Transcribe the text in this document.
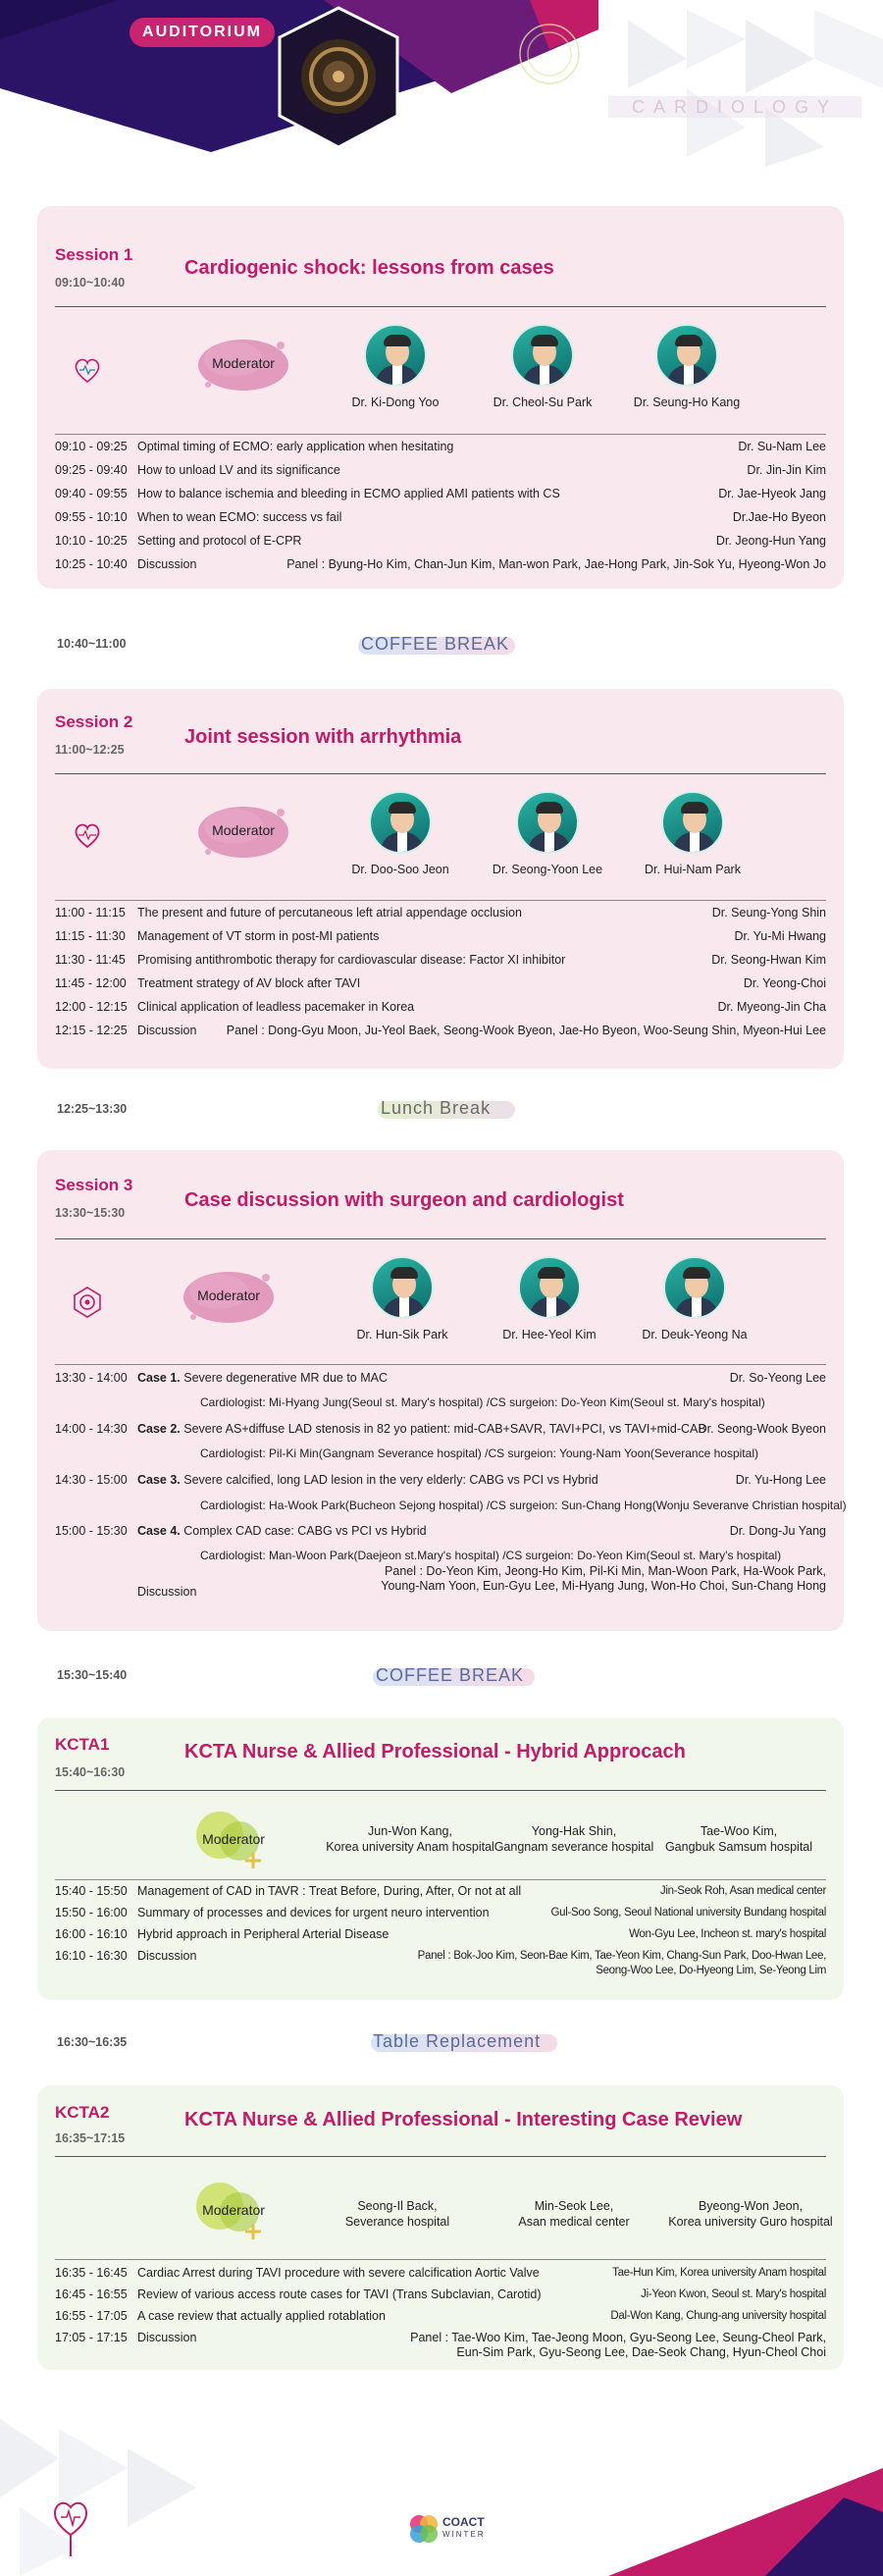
AUDITORIUM
CARDIOLOGY
Session 1
09:10~10:40
Cardiogenic shock: lessons from cases
Moderator
Dr. Ki-Dong Yoo	Dr. Cheol-Su Park	Dr. Seung-Ho Kang
09:10 - 09:25 Optimal timing of ECMO: early application when hesitating	Dr. Su-Nam Lee
09:25 - 09:40 How to unload LV and its significance	Dr. Jin-Jin Kim
09:40 - 09:55 How to balance ischemia and bleeding in ECMO applied AMI patients with CS	Dr. Jae-Hyeok Jang
09:55 - 10:10 When to wean ECMO: success vs fail	Dr.Jae-Ho Byeon
10:10 - 10:25 Setting and protocol of E-CPR	Dr. Jeong-Hun Yang
10:25 - 10:40 Discussion	Panel : Byung-Ho Kim, Chan-Jun Kim, Man-won Park, Jae-Hong Park, Jin-Sok Yu, Hyeong-Won Jo
10:40~11:00	COFFEE BREAK
Session 2
11:00~12:25
Joint session with arrhythmia
Moderator
Dr. Doo-Soo Jeon	Dr. Seong-Yoon Lee	Dr. Hui-Nam Park
11:00 - 11:15 The present and future of percutaneous left atrial appendage occlusion	Dr. Seung-Yong Shin
11:15 - 11:30 Management of VT storm in post-MI patients	Dr. Yu-Mi Hwang
11:30 - 11:45 Promising antithrombotic therapy for cardiovascular disease: Factor XI inhibitor	Dr. Seong-Hwan Kim
11:45 - 12:00 Treatment strategy of AV block after TAVI	Dr. Yeong-Choi
12:00 - 12:15 Clinical application of leadless pacemaker in Korea	Dr. Myeong-Jin Cha
12:15 - 12:25 Discussion Panel : Dong-Gyu Moon, Ju-Yeol Baek, Seong-Wook Byeon, Jae-Ho Byeon, Woo-Seung Shin, Myeon-Hui Lee
12:25~13:30	Lunch Break
Session 3
13:30~15:30
Case discussion with surgeon and cardiologist
Moderator
Dr. Hun-Sik Park	Dr. Hee-Yeol Kim	Dr. Deuk-Yeong Na
13:30 - 14:00 Case 1. Severe degenerative MR due to MAC	Dr. So-Yeong Lee
Cardiologist: Mi-Hyang Jung(Seoul st. Mary's hospital) /CS surgeion: Do-Yeon Kim(Seoul st. Mary's hospital)
14:00 - 14:30 Case 2. Severe AS+diffuse LAD stenosis in 82 yo patient: mid-CAB+SAVR, TAVI+PCI, vs TAVI+mid-CAB
Dr. Seong-Wook Byeon
Cardiologist: Pil-Ki Min(Gangnam Severance hospital) /CS surgeion: Young-Nam Yoon(Severance hospital)
14:30 - 15:00 Case 3. Severe calcified, long LAD lesion in the very elderly: CABG vs PCI vs Hybrid	Dr. Yu-Hong Lee
Cardiologist: Ha-Wook Park(Bucheon Sejong hospital) /CS surgeion: Sun-Chang Hong(Wonju Severanve Christian hospital)
15:00 - 15:30 Case 4. Complex CAD case: CABG vs PCI vs Hybrid	Dr. Dong-Ju Yang
Cardiologist: Man-Woon Park(Daejeon st.Mary's hospital) /CS surgeion: Do-Yeon Kim(Seoul st. Mary's hospital)
Discussion
Panel : Do-Yeon Kim, Jeong-Ho Kim, Pil-Ki Min, Man-Woon Park, Ha-Wook Park,
Young-Nam Yoon, Eun-Gyu Lee, Mi-Hyang Jung, Won-Ho Choi, Sun-Chang Hong
15:30~15:40	COFFEE BREAK
KCTA1
15:40~16:30
KCTA Nurse & Allied Professional - Hybrid Approcach
Moderator	Jun-Won Kang,
Korea university Anam hospital
Yong-Hak Shin,
Gangnam severance hospital
Tae-Woo Kim,
Gangbuk Samsum hospital
15:40 - 15:50 Management of CAD in TAVR : Treat Before, During, After, Or not at all	Jin-Seok Roh, Asan medical center
15:50 - 16:00 Summary of processes and devices for urgent neuro intervention	Gul-Soo Song, Seoul National university Bundang hospital
16:00 - 16:10 Hybrid approach in Peripheral Arterial Disease	Won-Gyu Lee, Incheon st. mary's hospital
16:10 - 16:30 Discussion	Panel : Bok-Joo Kim, Seon-Bae Kim, Tae-Yeon Kim, Chang-Sun Park, Doo-Hwan Lee,
Seong-Woo Lee, Do-Hyeong Lim, Se-Yeong Lim
16:30~16:35	Table Replacement
KCTA2
16:35~17:15
KCTA Nurse & Allied Professional - Interesting Case Review
Moderator	Seong-Il Back,
Severance hospital
Min-Seok Lee,
Asan medical center
Byeong-Won Jeon,
Korea university Guro hospital
16:35 - 16:45 Cardiac Arrest during TAVI procedure with severe calcification Aortic Valve	Tae-Hun Kim, Korea university Anam hospital
16:45 - 16:55 Review of various access route cases for TAVI (Trans Subclavian, Carotid)	Ji-Yeon Kwon, Seoul st. Mary's hospital
16:55 - 17:05 A case review that actually applied rotablation	Dal-Won Kang, Chung-ang university hospital
17:05 - 17:15 Discussion	Panel : Tae-Woo Kim, Tae-Jeong Moon, Gyu-Seong Lee, Seung-Cheol Park,
Eun-Sim Park, Gyu-Seong Lee, Dae-Seok Chang, Hyun-Cheol Choi
COACT
WINTER
